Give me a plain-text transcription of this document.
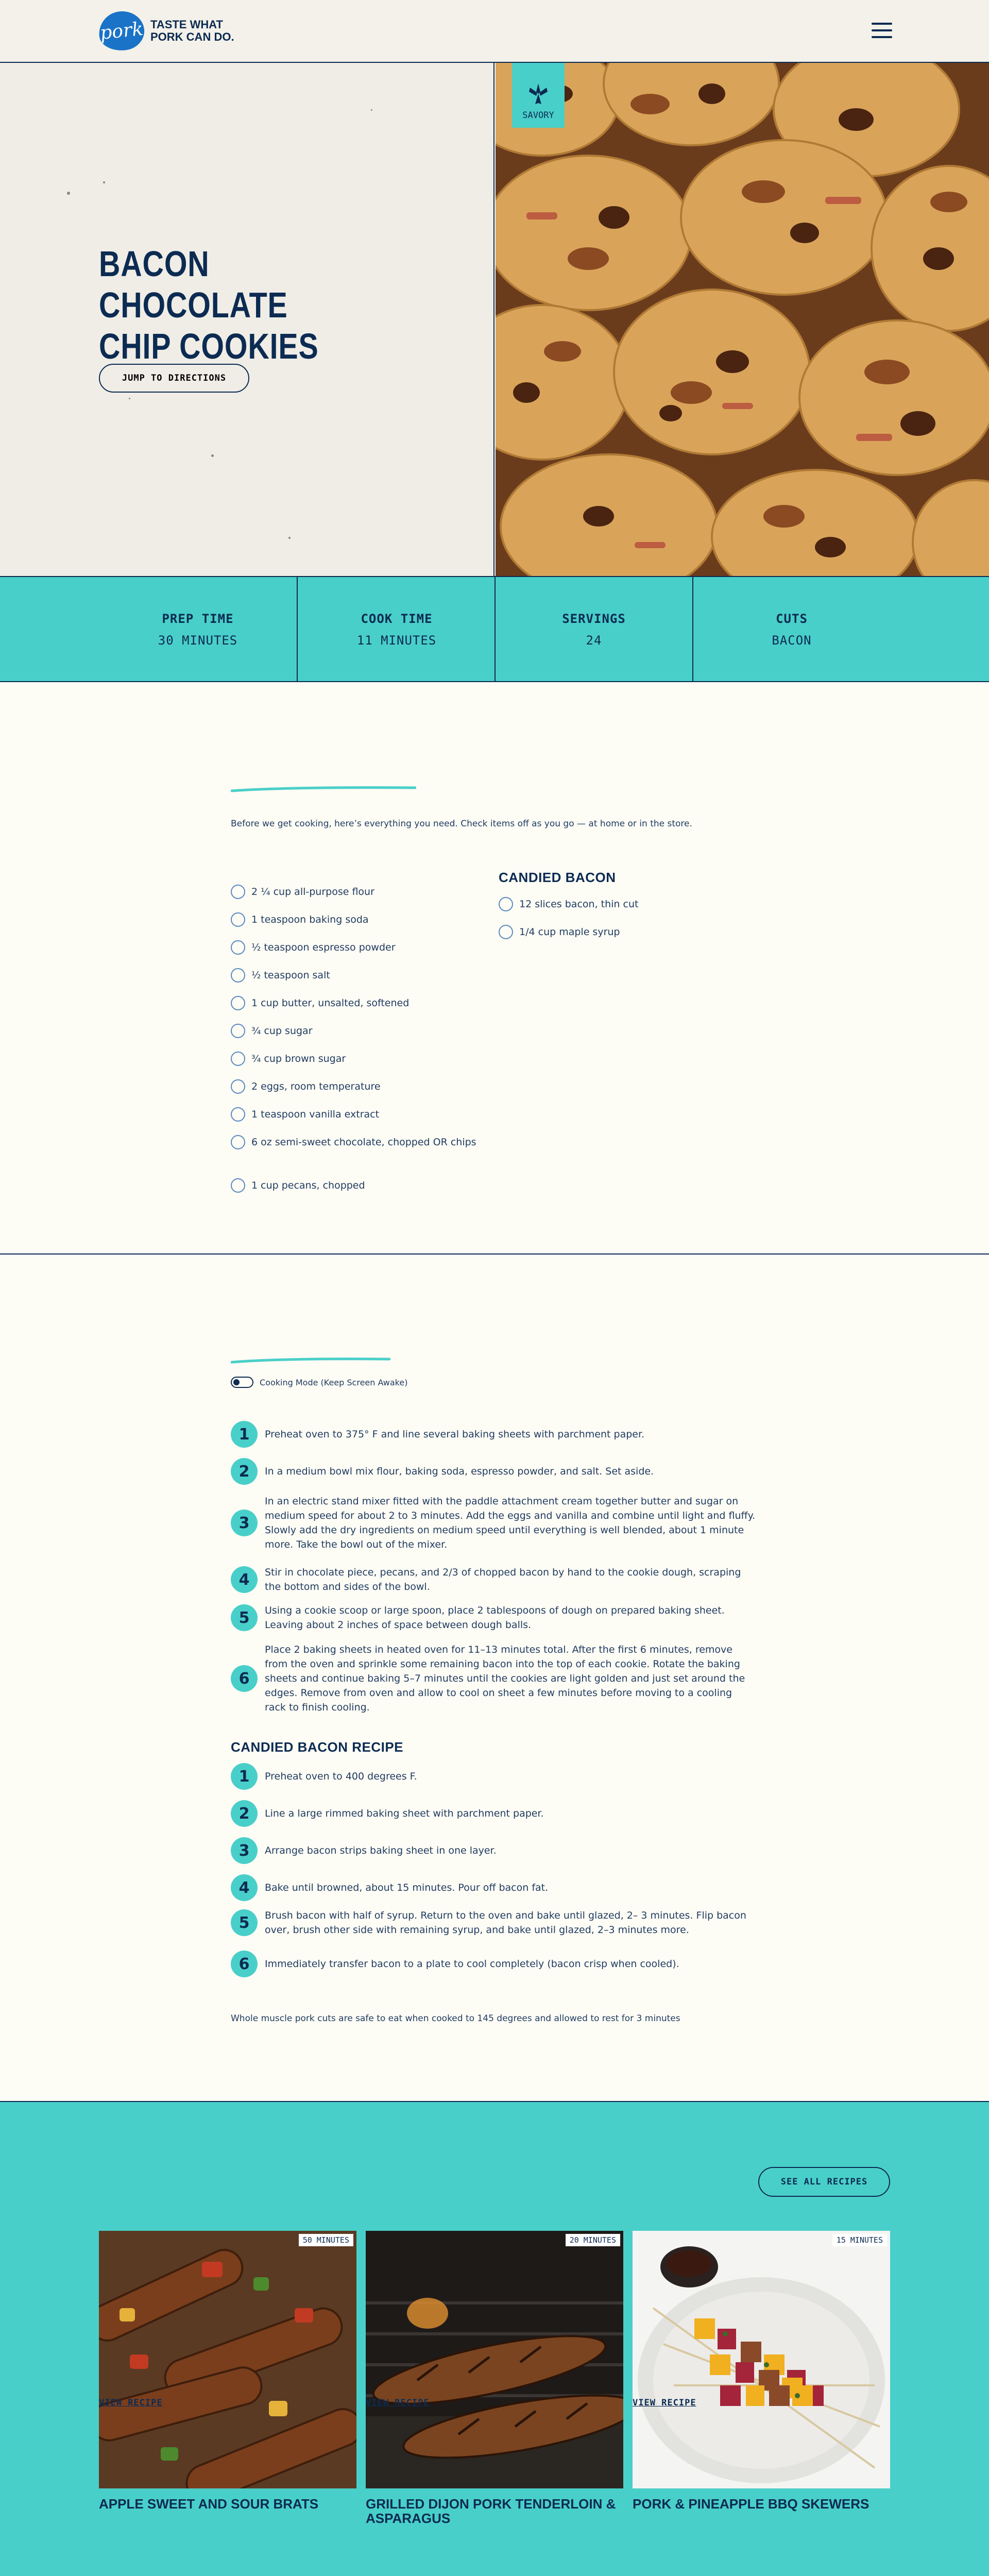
pork TASTE WHAT PORK CAN DO.
BACON CHOCOLATE CHIP COOKIES
JUMP TO DIRECTIONS
SAVORY
PREP TIME
30 MINUTES
COOK TIME
11 MINUTES
SERVINGS
24
CUTS
BACON

Before we get cooking, here’s everything you need. Check items off as you go — at home or in the store.

2 ¼ cup all-purpose flour
1 teaspoon baking soda
½ teaspoon espresso powder
½ teaspoon salt
1 cup butter, unsalted, softened
¾ cup sugar
¾ cup brown sugar
2 eggs, room temperature
1 teaspoon vanilla extract
6 oz semi-sweet chocolate, chopped OR chips
1 cup pecans, chopped
CANDIED BACON
12 slices bacon, thin cut
1/4 cup maple syrup
Cooking Mode (Keep Screen Awake)
1	Preheat oven to 375° F and line several baking sheets with parchment paper.
2	In a medium bowl mix flour, baking soda, espresso powder, and salt. Set aside.
3
In an electric stand mixer fitted with the paddle attachment cream together butter and sugar on medium speed for about 2 to 3 minutes. Add the eggs and vanilla and combine until light and fluffy. Slowly add the dry ingredients on medium speed until everything is well blended, about 1 minute more. Take the bowl out of the mixer.
4	Stir in chocolate piece, pecans, and 2/3 of chopped bacon by hand to the cookie dough, scraping the bottom and sides of the bowl.
5	Using a cookie scoop or large spoon, place 2 tablespoons of dough on prepared baking sheet. Leaving about 2 inches of space between dough balls.
6
Place 2 baking sheets in heated oven for 11–13 minutes total. After the first 6 minutes, remove from the oven and sprinkle some remaining bacon into the top of each cookie. Rotate the baking sheets and continue baking 5–7 minutes until the cookies are light golden and just set around the edges. Remove from oven and allow to cool on sheet a few minutes before moving to a cooling rack to finish cooling.
CANDIED BACON RECIPE
1	Preheat oven to 400 degrees F.
2	Line a large rimmed baking sheet with parchment paper.
3	Arrange bacon strips baking sheet in one layer.
4	Bake until browned, about 15 minutes. Pour off bacon fat.
5	Brush bacon with half of syrup. Return to the oven and bake until glazed, 2– 3 minutes. Flip bacon over, brush other side with remaining syrup, and bake until glazed, 2–3 minutes more.
6	Immediately transfer bacon to a plate to cool completely (bacon crisp when cooled).

Whole muscle pork cuts are safe to eat when cooked to 145 degrees and allowed to rest for 3 minutes

SEE ALL RECIPES
50 MINUTES
APPLE SWEET AND SOUR BRATS
VIEW RECIPE
20 MINUTES
GRILLED DIJON PORK TENDERLOIN & ASPARAGUS
VIEW RECIPE
15 MINUTES
PORK & PINEAPPLE BBQ SKEWERS
VIEW RECIPE
